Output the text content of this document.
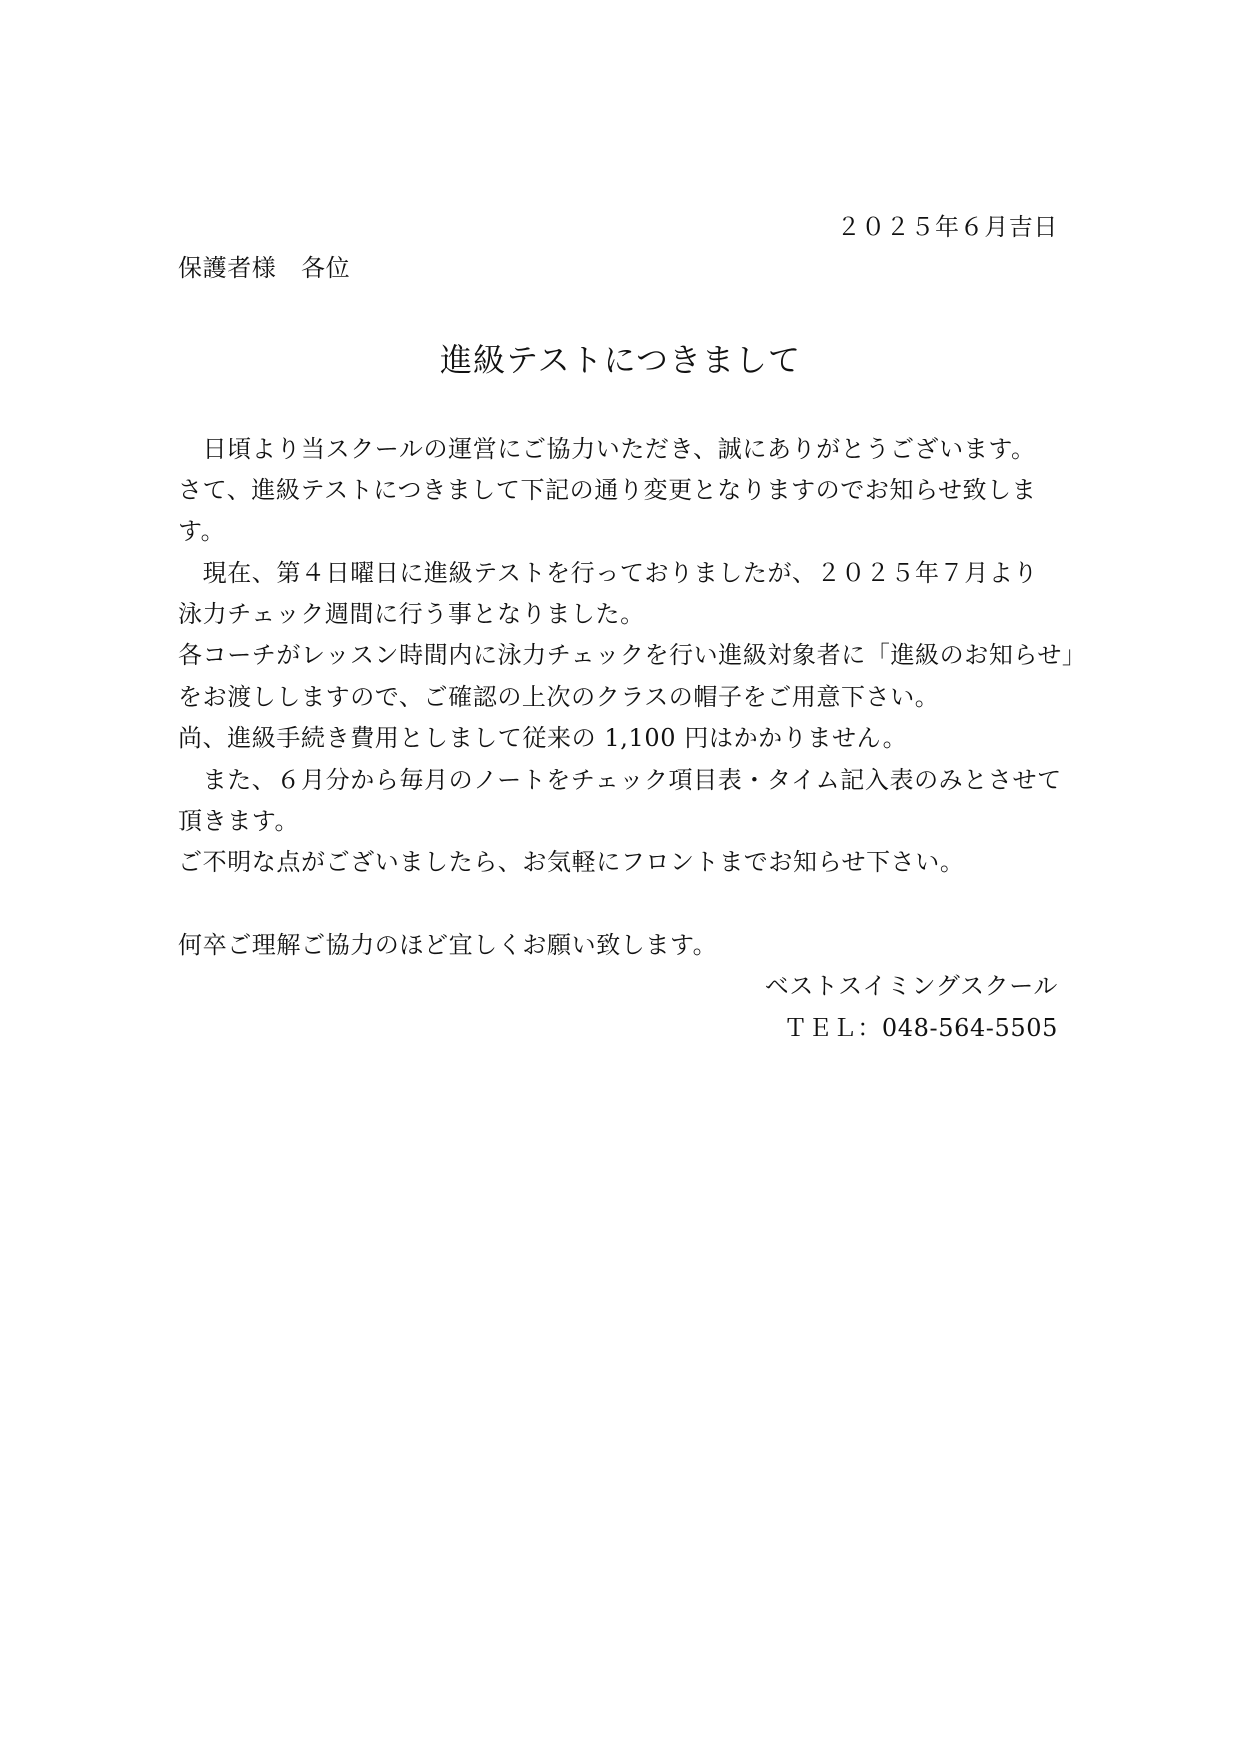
２０２５年６月吉日
保護者様　各位
進級テストにつきまして
　日頃より当スクールの運営にご協力いただき、誠にありがとうございます。
さて、進級テストにつきまして下記の通り変更となりますのでお知らせ致しま
す。
　現在、第４日曜日に進級テストを行っておりましたが、２０２５年７月より
泳力チェック週間に行う事となりました。
各コーチがレッスン時間内に泳力チェックを行い進級対象者に「進級のお知らせ」
をお渡ししますので、ご確認の上次のクラスの帽子をご用意下さい。
尚、進級手続き費用としまして従来の 1,100 円はかかりません。
　また、６月分から毎月のノートをチェック項目表・タイム記入表のみとさせて
頂きます。
ご不明な点がございましたら、お気軽にフロントまでお知らせ下さい。
何卒ご理解ご協力のほど宜しくお願い致します。
ベストスイミングスクール
ＴＥＬ：048-564-5505
